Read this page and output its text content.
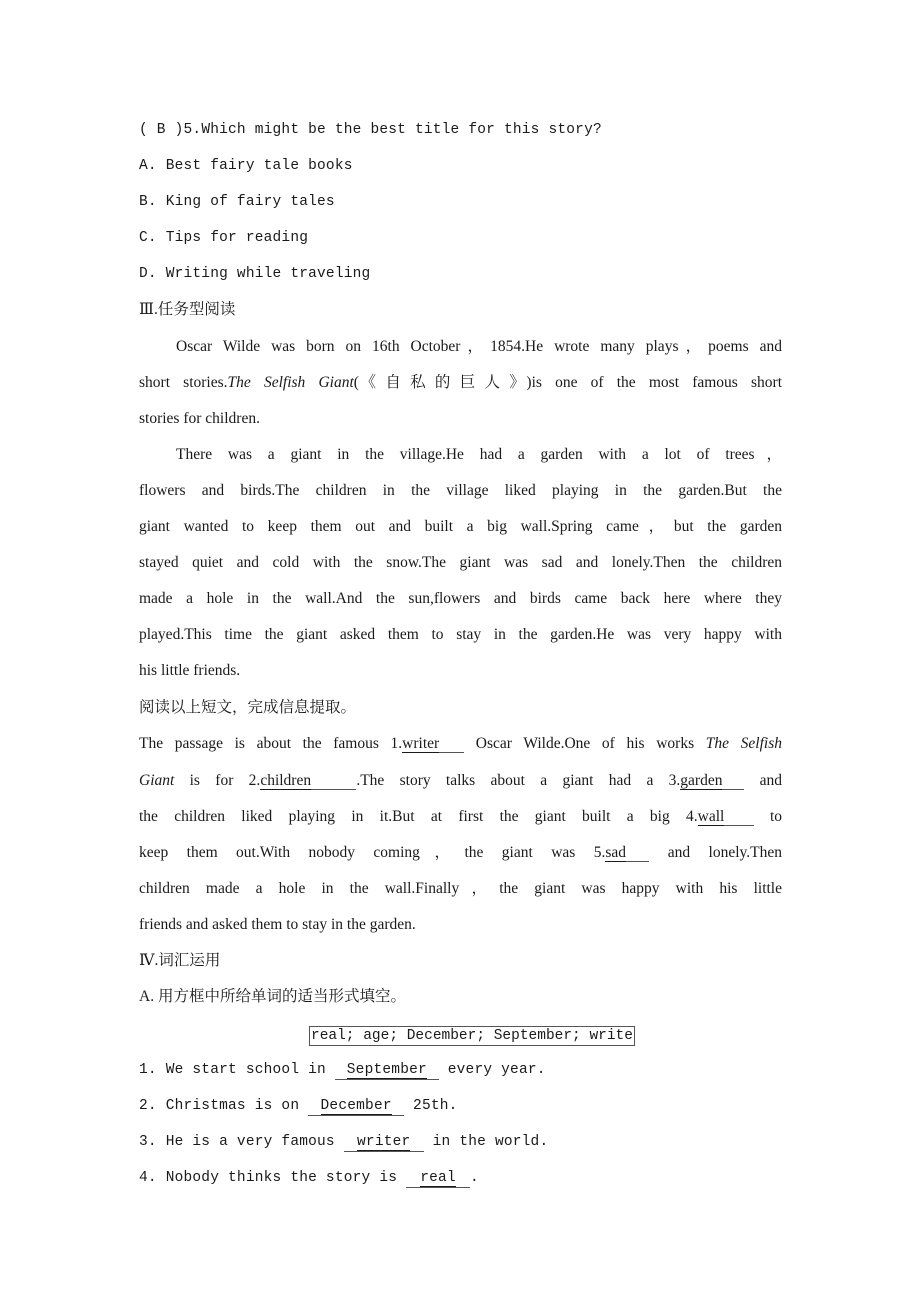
( B )5.Which might be the best title for this story?
A. Best fairy tale books
B. King of fairy tales
C. Tips for reading
D. Writing while traveling
Ⅲ.任务型阅读
Oscar Wilde was born on 16th October，1854.He wrote many plays，poems and
short stories.The Selfish Giant(《自私的巨人》)is one of the most famous short
stories for children.
There was a giant in the village.He had a garden with a lot of trees，
flowers and birds.The children in the village liked playing in the garden.But the
giant wanted to keep them out and built a big wall.Spring came，but the garden
stayed quiet and cold with the snow.The giant was sad and lonely.Then the children
made a hole in the wall.And the sun,flowers and birds came back here where they
played.This time the giant asked them to stay in the garden.He was very happy with
his little friends.
阅读以上短文，完成信息提取。
The passage is about the famous 1.writer Oscar Wilde.One of his works The Selfish
Giant is for 2.children	.The story talks about a giant had a 3.garden and
the children liked playing in it.But at first the giant built a big 4.wall to
keep them out.With nobody coming，the giant was 5.sad and lonely.Then
children made a hole in the wall.Finally，the giant was happy with his little
friends and asked them to stay in the garden.
Ⅳ.词汇运用
A. 用方框中所给单词的适当形式填空。
real; age; December; September; write
1. We start school in September every year.
2. Christmas is on December 25th.
3. He is a very famous writer in the world.
4. Nobody thinks the story is real .
